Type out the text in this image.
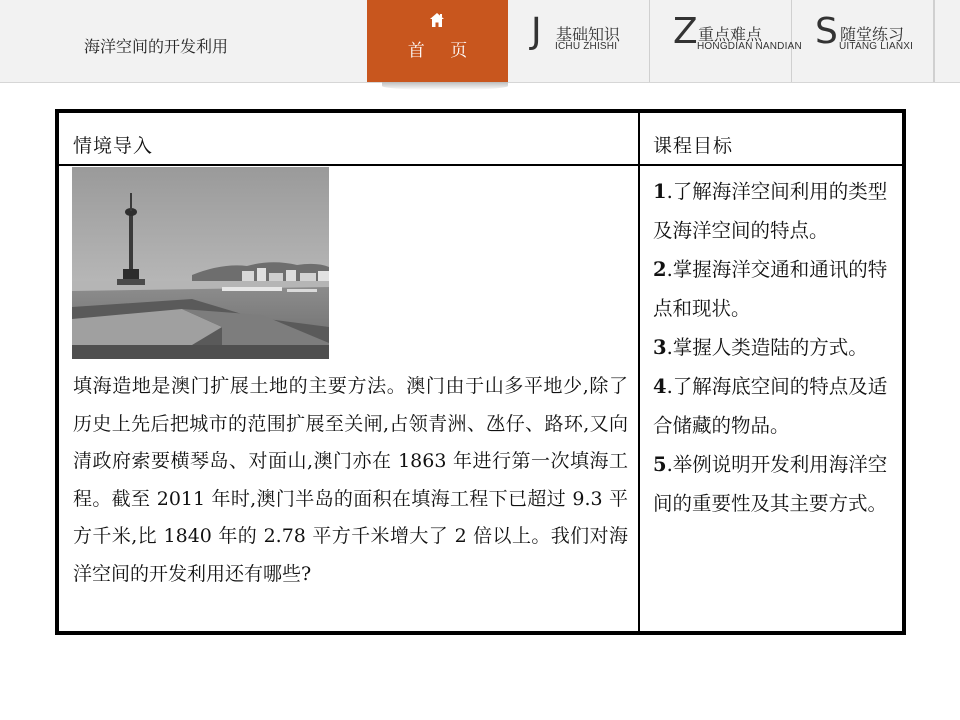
海洋空间的开发利用	首 页	J 基础知识
ICHU ZHISHI Z 重点难点
HONGDIAN NANDIAN S 随堂练习
UITANG LIANXI
情境导入	课程目标

填海造地是澳门扩展土地的主要方法。澳门由于山多平地少,除了历史上先后把城市的范围扩展至关闸,占领青洲、氹仔、路环,又向清政府索要横琴岛、对面山,澳门亦在 1863 年进行第一次填海工程。截至 2011 年时,澳门半岛的面积在填海工程下已超过 9.3 平方千米,比 1840 年的 2.78 平方千米增大了 2 倍以上。我们对海洋空间的开发利用还有哪些?

1.了解海洋空间利用的类型及海洋空间的特点。
2.掌握海洋交通和通讯的特点和现状。
3.掌握人类造陆的方式。
4.了解海底空间的特点及适合储藏的物品。
5.举例说明开发利用海洋空间的重要性及其主要方式。
